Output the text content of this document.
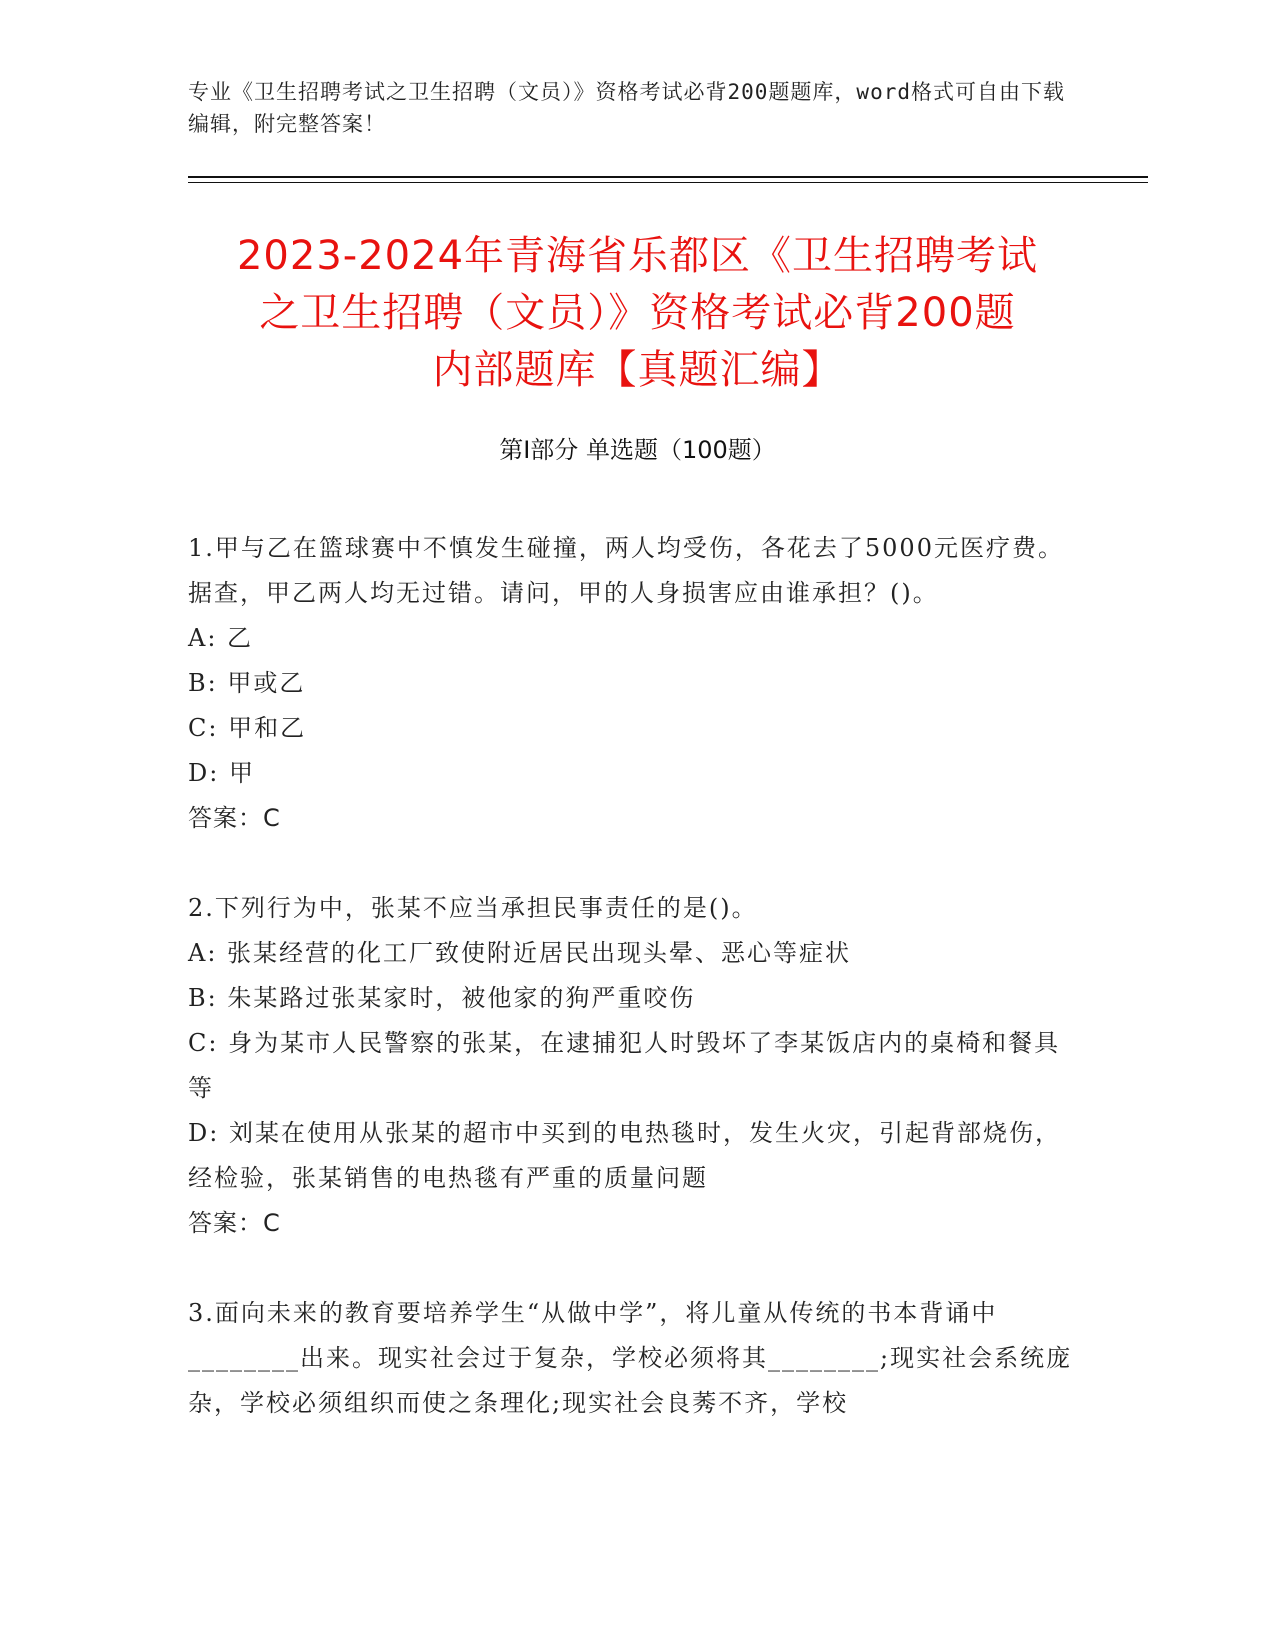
专业《卫生招聘考试之卫生招聘（文员）》资格考试必背200题题库，word格式可自由下载编辑，附完整答案！
2023-2024年青海省乐都区《卫生招聘考试
之卫生招聘（文员）》资格考试必背200题
内部题库【真题汇编】
第Ⅰ部分 单选题（100题）

1.甲与乙在篮球赛中不慎发生碰撞，两人均受伤，各花去了5000元医疗费。据查，甲乙两人均无过错。请问，甲的人身损害应由谁承担？()。

A: 乙

B: 甲或乙

C: 甲和乙

D: 甲

答案：C

2.下列行为中，张某不应当承担民事责任的是()。

A: 张某经营的化工厂致使附近居民出现头晕、恶心等症状

B: 朱某路过张某家时，被他家的狗严重咬伤

C: 身为某市人民警察的张某，在逮捕犯人时毁坏了李某饭店内的桌椅和餐具等

D: 刘某在使用从张某的超市中买到的电热毯时，发生火灾，引起背部烧伤，经检验，张某销售的电热毯有严重的质量问题

答案：C

3.面向未来的教育要培养学生“从做中学”，将儿童从传统的书本背诵中________出来。现实社会过于复杂，学校必须将其________;现实社会系统庞杂，学校必须组织而使之条理化;现实社会良莠不齐，学校
